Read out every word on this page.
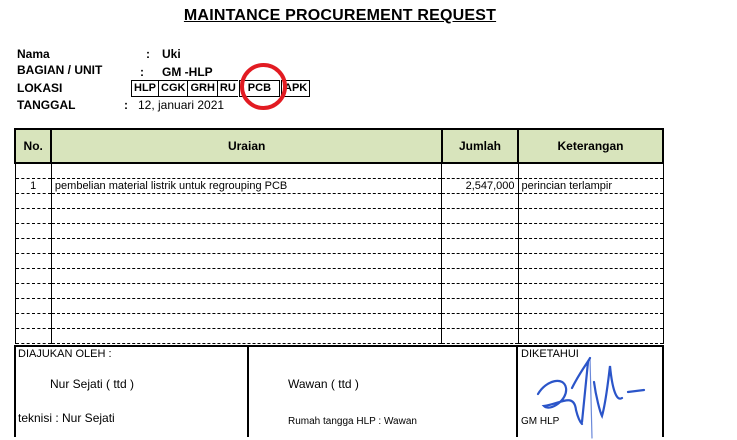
MAINTANCE PROCUREMENT REQUEST
Nama	: Uki
BAGIAN / UNIT	: GM -HLP
LOKASI	HLP CGK GRH RU	PCB	APK
TANGGAL	: 12, januari 2021
No.	Uraian	Jumlah	Keterangan

1	pembelian material listrik untuk regrouping PCB	2,547,000	perincian terlampir

DIAJUKAN OLEH :
Nur Sejati ( ttd )
teknisi : Nur Sejati
Wawan ( ttd )
Rumah tangga HLP : Wawan
DIKETAHUI
GM HLP
